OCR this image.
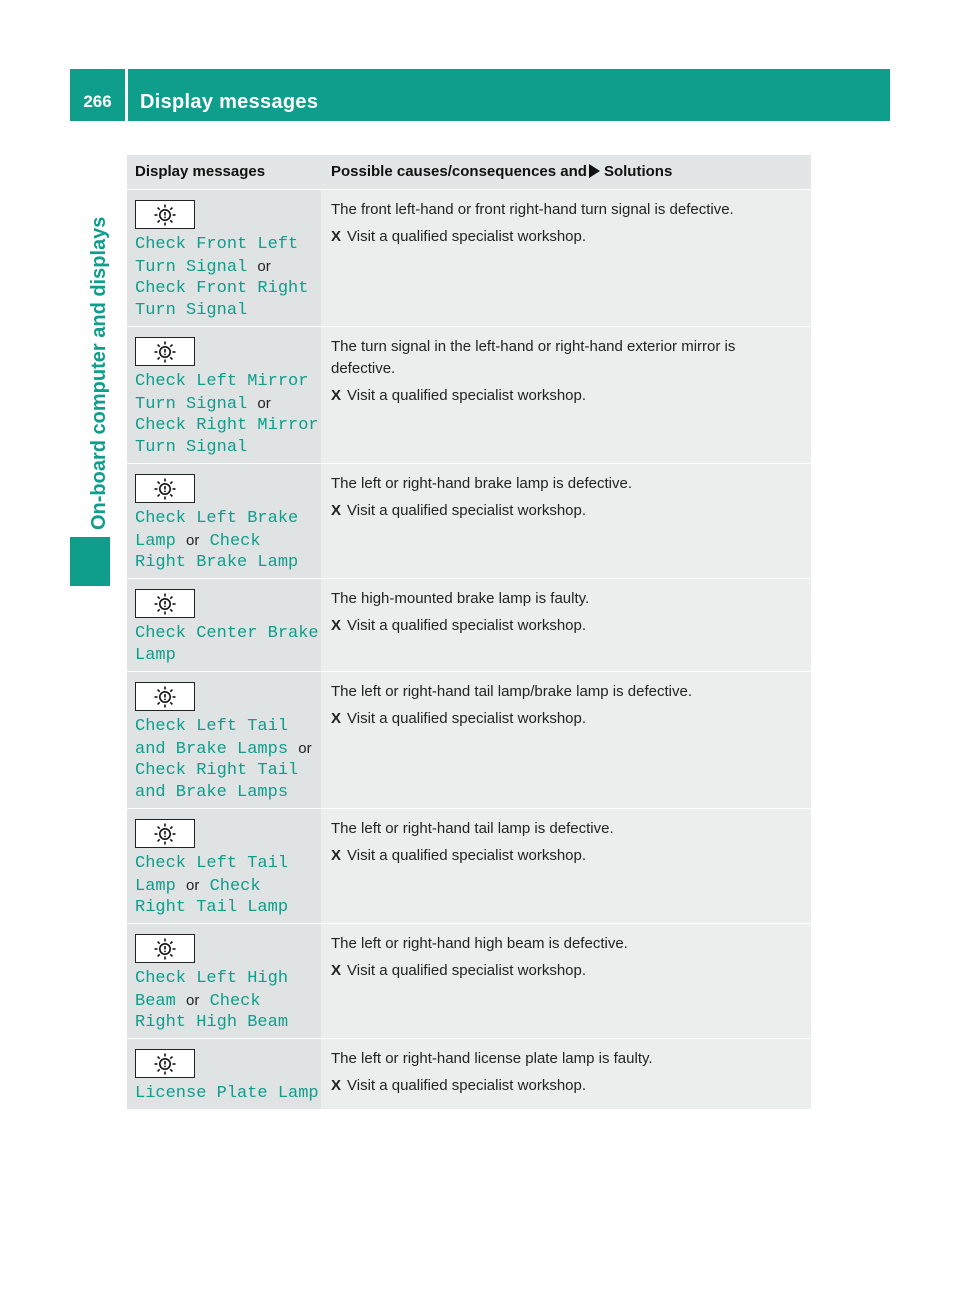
266	Display messages
On-board computer and displays
Display messages	Possible causes/consequences and Solutions
Check Front Left
Turn Signal or
Check Front Right
Turn Signal

The front left-hand or front right-hand turn signal is defective.

X Visit a qualified specialist workshop.
Check Left Mirror
Turn Signal or
Check Right Mirror
Turn Signal

The turn signal in the left-hand or right-hand exterior mirror is defective.

X Visit a qualified specialist workshop.
Check Left Brake
Lamp or Check
Right Brake Lamp

The left or right-hand brake lamp is defective.

X Visit a qualified specialist workshop.
Check Center Brake
Lamp

The high-mounted brake lamp is faulty.

X Visit a qualified specialist workshop.
Check Left Tail
and Brake Lamps or
Check Right Tail
and Brake Lamps

The left or right-hand tail lamp/brake lamp is defective.

X Visit a qualified specialist workshop.
Check Left Tail
Lamp or Check
Right Tail Lamp

The left or right-hand tail lamp is defective.

X Visit a qualified specialist workshop.
Check Left High
Beam or Check
Right High Beam

The left or right-hand high beam is defective.

X Visit a qualified specialist workshop.
License Plate Lamp

The left or right-hand license plate lamp is faulty.

X Visit a qualified specialist workshop.
